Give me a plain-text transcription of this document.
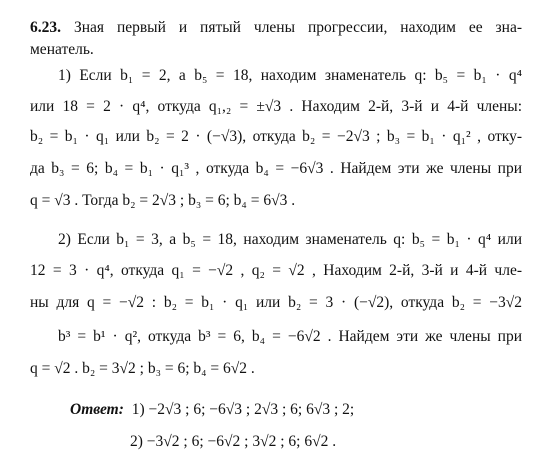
6.23. Зная первый и пятый члены прогрессии, находим ее зна-
менатель.
1) Если b₁ = 2, а b₅ = 18, находим знаменатель q: b₅ = b₁ · q⁴
или 18 = 2 · q⁴, откуда q₁,₂ = ±√3 . Находим 2-й, 3-й и 4-й члены:
b₂ = b₁ · q₁ или b₂ = 2 · (−√3), откуда b₂ = −2√3 ; b₃ = b₁ · q₁² , отку-
да b₃ = 6; b₄ = b₁ · q₁³ , откуда b₄ = −6√3 . Найдем эти же члены при
q = √3 . Тогда b₂ = 2√3 ; b₃ = 6; b₄ = 6√3 .
2) Если b₁ = 3, а b₅ = 18, находим знаменатель q: b₅ = b₁ · q⁴ или
12 = 3 · q⁴, откуда q₁ = −√2 , q₂ = √2 , Находим 2-й, 3-й и 4-й чле-
ны для q = −√2 : b₂ = b₁ · q₁ или b₂ = 3 · (−√2), откуда b₂ = −3√2
b³ = b¹ · q², откуда b³ = 6, b₄ = −6√2 . Найдем эти же члены при
q = √2 . b₂ = 3√2 ; b₃ = 6; b₄ = 6√2 .
Ответ: 1) −2√3 ; 6; −6√3 ; 2√3 ; 6; 6√3 ; 2;
2) −3√2 ; 6; −6√2 ; 3√2 ; 6; 6√2 .
